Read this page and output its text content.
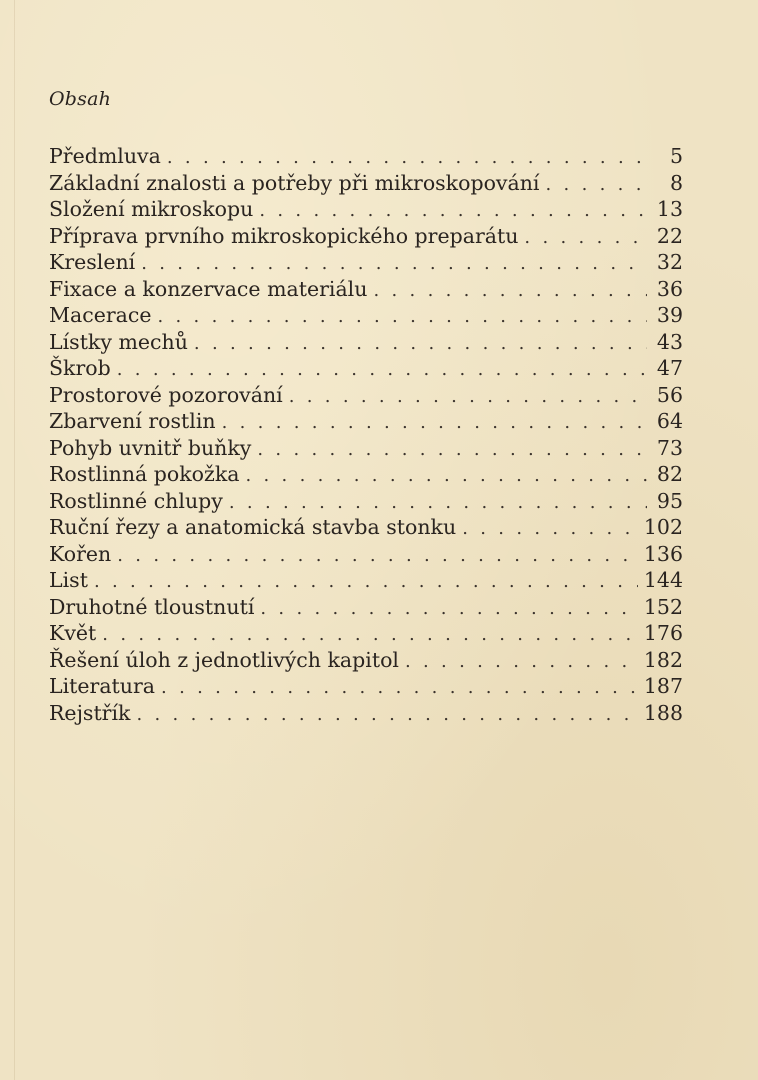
Obsah
Předmluva . . .	5
Základní znalosti a potřeby při mikroskopování . . .	8
Složení mikroskopu . . .	13
Příprava prvního mikroskopického preparátu . . .	22
Kreslení . . .	32
Fixace a konzervace materiálu . . .	36
Macerace . . .	39
Lístky mechů . . .	43
Škrob . . .	47
Prostorové pozorování . . .	56
Zbarvení rostlin . . .	64
Pohyb uvnitř buňky . . .	73
Rostlinná pokožka . . .	82
Rostlinné chlupy . . .	95
Ruční řezy a anatomická stavba stonku . . .	102
Kořen . . .	136
List . . .	144
Druhotné tloustnutí . . .	152
Květ . . .	176
Řešení úloh z jednotlivých kapitol . . .	182
Literatura . . .	187
Rejstřík . . .	188
